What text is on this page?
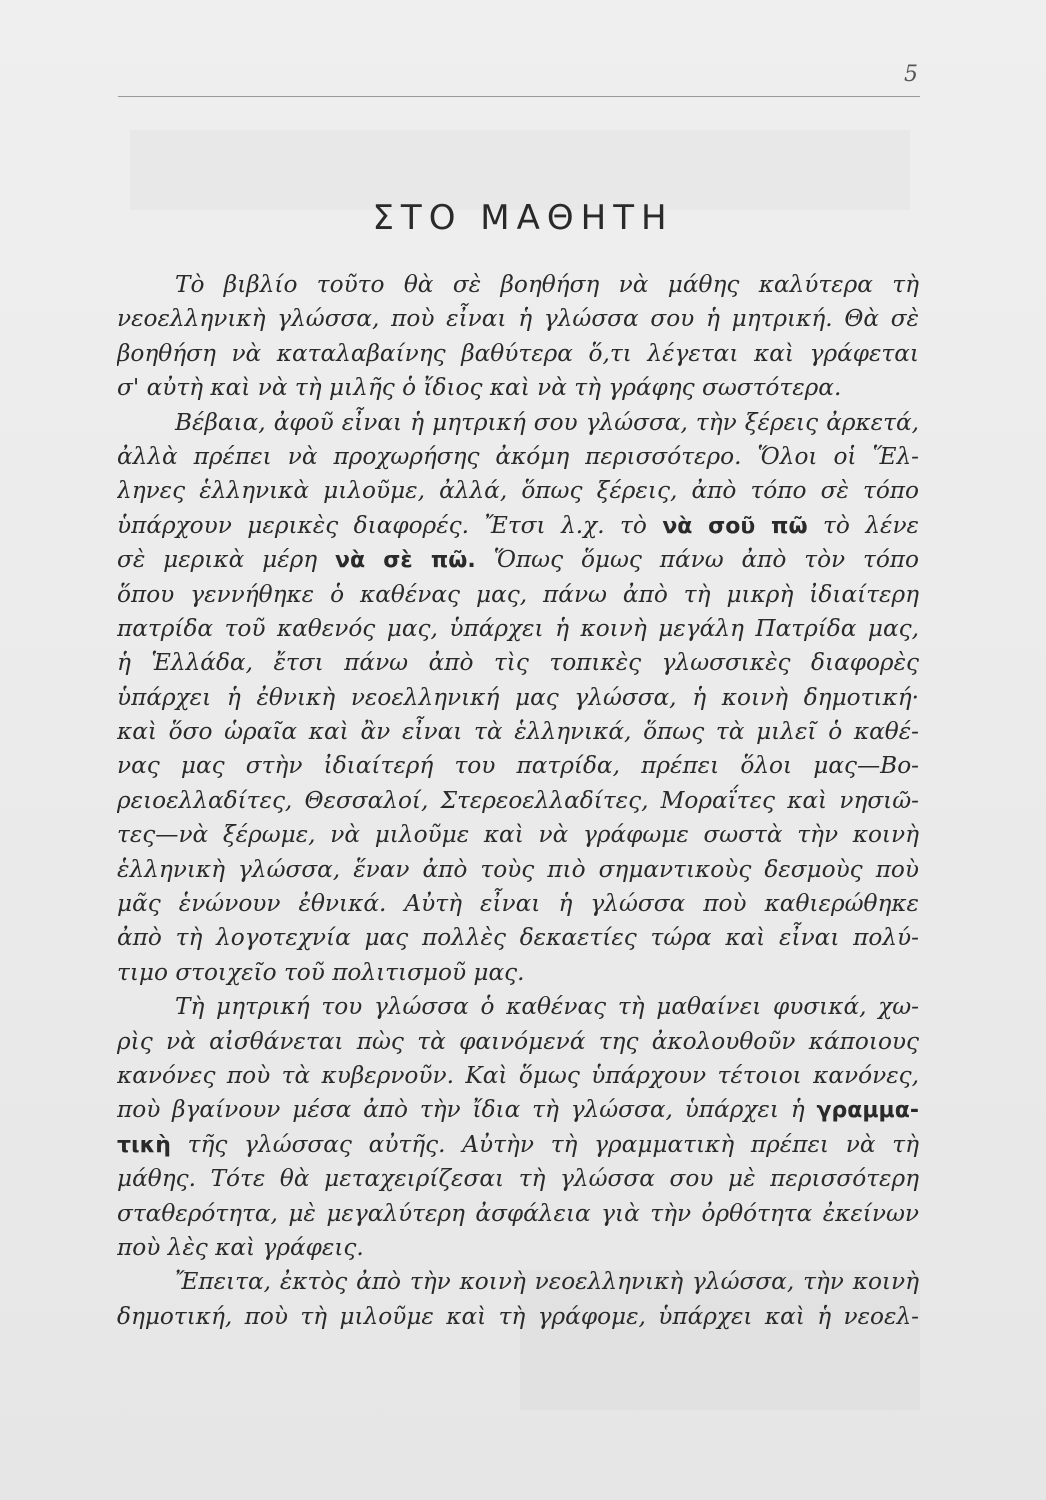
5
ΣΤΟ ΜΑΘΗΤΗ
Τὸ βιβλίο τοῦτο θὰ σὲ βοηθήση νὰ μάθης καλύτερα τὴ
νεοελληνικὴ γλώσσα, ποὺ εἶναι ἡ γλώσσα σου ἡ μητρική. Θὰ σὲ
βοηθήση νὰ καταλαβαίνης βαθύτερα ὅ,τι λέγεται καὶ γράφεται
σ' αὐτὴ καὶ νὰ τὴ μιλῆς ὁ ἴδιος καὶ νὰ τὴ γράφης σωστότερα.
Βέβαια, ἀφοῦ εἶναι ἡ μητρική σου γλώσσα, τὴν ξέρεις ἀρκετά,
ἀλλὰ πρέπει νὰ προχωρήσης ἀκόμη περισσότερο. Ὅλοι οἱ Ἕλ-
ληνες ἑλληνικὰ μιλοῦμε, ἀλλά, ὅπως ξέρεις, ἀπὸ τόπο σὲ τόπο
ὑπάρχουν μερικὲς διαφορές. Ἔτσι λ.χ. τὸ νὰ σοῦ πῶ τὸ λένε
σὲ μερικὰ μέρη νὰ σὲ πῶ. Ὅπως ὅμως πάνω ἀπὸ τὸν τόπο
ὅπου γεννήθηκε ὁ καθένας μας, πάνω ἀπὸ τὴ μικρὴ ἰδιαίτερη
πατρίδα τοῦ καθενός μας, ὑπάρχει ἡ κοινὴ μεγάλη Πατρίδα μας,
ἡ Ἑλλάδα, ἔτσι πάνω ἀπὸ τὶς τοπικὲς γλωσσικὲς διαφορὲς
ὑπάρχει ἡ ἐθνικὴ νεοελληνική μας γλώσσα, ἡ κοινὴ δημοτική·
καὶ ὅσο ὡραῖα καὶ ἂν εἶναι τὰ ἑλληνικά, ὅπως τὰ μιλεῖ ὁ καθέ-
νας μας στὴν ἰδιαίτερή του πατρίδα, πρέπει ὅλοι μας—Βο-
ρειοελλαδίτες, Θεσσαλοί, Στερεοελλαδίτες, Μοραΐτες καὶ νησιῶ-
τες—νὰ ξέρωμε, νὰ μιλοῦμε καὶ νὰ γράφωμε σωστὰ τὴν κοινὴ
ἑλληνικὴ γλώσσα, ἕναν ἀπὸ τοὺς πιὸ σημαντικοὺς δεσμοὺς ποὺ
μᾶς ἑνώνουν ἐθνικά. Αὐτὴ εἶναι ἡ γλώσσα ποὺ καθιερώθηκε
ἀπὸ τὴ λογοτεχνία μας πολλὲς δεκαετίες τώρα καὶ εἶναι πολύ-
τιμο στοιχεῖο τοῦ πολιτισμοῦ μας.
Τὴ μητρική του γλώσσα ὁ καθένας τὴ μαθαίνει φυσικά, χω-
ρὶς νὰ αἰσθάνεται πὼς τὰ φαινόμενά της ἀκολουθοῦν κάποιους
κανόνες ποὺ τὰ κυβερνοῦν. Καὶ ὅμως ὑπάρχουν τέτοιοι κανόνες,
ποὺ βγαίνουν μέσα ἀπὸ τὴν ἴδια τὴ γλώσσα, ὑπάρχει ἡ γραμμα-
τικὴ τῆς γλώσσας αὐτῆς. Αὐτὴν τὴ γραμματικὴ πρέπει νὰ τὴ
μάθης. Τότε θὰ μεταχειρίζεσαι τὴ γλώσσα σου μὲ περισσότερη
σταθερότητα, μὲ μεγαλύτερη ἀσφάλεια γιὰ τὴν ὀρθότητα ἐκείνων
ποὺ λὲς καὶ γράφεις.
Ἔπειτα, ἐκτὸς ἀπὸ τὴν κοινὴ νεοελληνικὴ γλώσσα, τὴν κοινὴ
δημοτική, ποὺ τὴ μιλοῦμε καὶ τὴ γράφομε, ὑπάρχει καὶ ἡ νεοελ-
